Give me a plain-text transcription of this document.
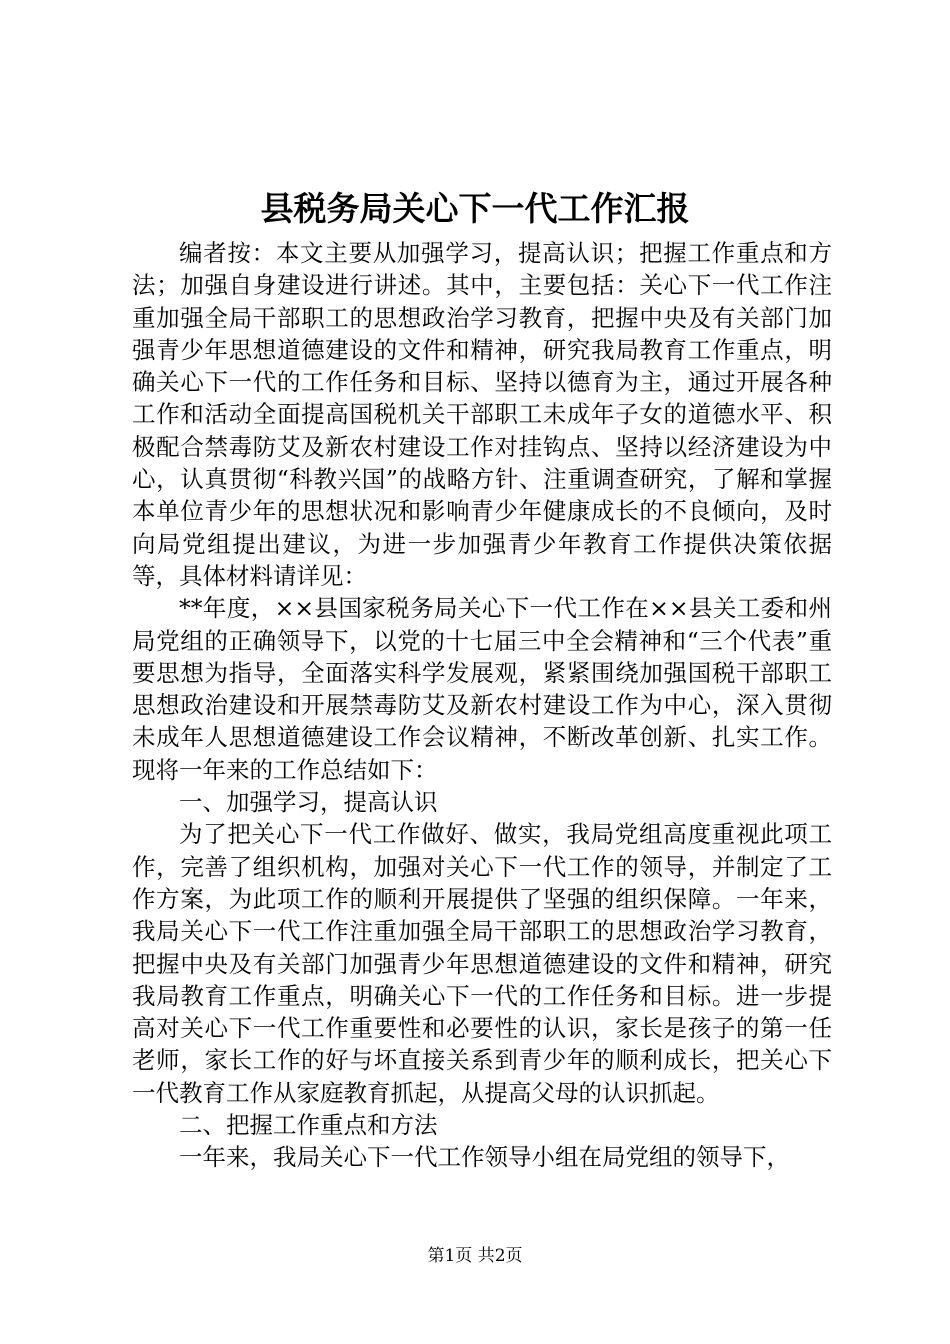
县税务局关心下一代工作汇报

编者按：本文主要从加强学习，提高认识；把握工作重点和方法；加强自身建设进行讲述。其中，主要包括：关心下一代工作注重加强全局干部职工的思想政治学习教育，把握中央及有关部门加强青少年思想道德建设的文件和精神，研究我局教育工作重点，明确关心下一代的工作任务和目标、坚持以德育为主，通过开展各种工作和活动全面提高国税机关干部职工未成年子女的道德水平、积极配合禁毒防艾及新农村建设工作对挂钩点、坚持以经济建设为中心，认真贯彻“科教兴国”的战略方针、注重调查研究，了解和掌握本单位青少年的思想状况和影响青少年健康成长的不良倾向，及时向局党组提出建议，为进一步加强青少年教育工作提供决策依据等，具体材料请详见：

**年度，××县国家税务局关心下一代工作在××县关工委和州局党组的正确领导下，以党的十七届三中全会精神和“三个代表”重要思想为指导，全面落实科学发展观，紧紧围绕加强国税干部职工思想政治建设和开展禁毒防艾及新农村建设工作为中心，深入贯彻未成年人思想道德建设工作会议精神，不断改革创新、扎实工作。现将一年来的工作总结如下：

一、加强学习，提高认识

为了把关心下一代工作做好、做实，我局党组高度重视此项工作，完善了组织机构，加强对关心下一代工作的领导，并制定了工作方案，为此项工作的顺利开展提供了坚强的组织保障。一年来，我局关心下一代工作注重加强全局干部职工的思想政治学习教育，把握中央及有关部门加强青少年思想道德建设的文件和精神，研究我局教育工作重点，明确关心下一代的工作任务和目标。进一步提高对关心下一代工作重要性和必要性的认识，家长是孩子的第一任老师，家长工作的好与坏直接关系到青少年的顺利成长，把关心下一代教育工作从家庭教育抓起，从提高父母的认识抓起。

二、把握工作重点和方法

一年来，我局关心下一代工作领导小组在局党组的领导下，

第1页 共2页
